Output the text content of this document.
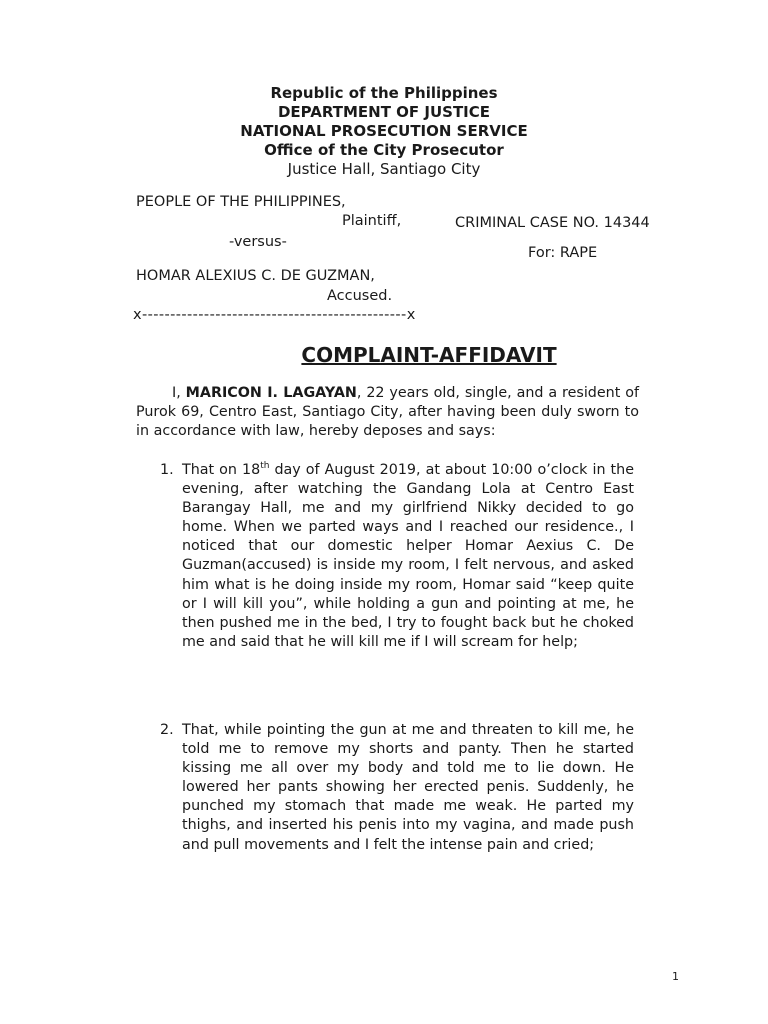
Republic of the Philippines
DEPARTMENT OF JUSTICE
NATIONAL PROSECUTION SERVICE
Office of the City Prosecutor
Justice Hall, Santiago City
PEOPLE OF THE PHILIPPINES,
Plaintiff,
-versus-
HOMAR ALEXIUS C. DE GUZMAN,
Accused.
x-----------------------------------------------x
CRIMINAL CASE NO. 14344
For: RAPE
COMPLAINT-AFFIDAVIT

I, MARICON I. LAGAYAN, 22 years old, single, and a resident of Purok 69, Centro East, Santiago City, after having been duly sworn to in accordance with law, hereby deposes and says:

1. That on 18th day of August 2019, at about 10:00 o’clock in the evening, after watching the Gandang Lola at Centro East Barangay Hall, me and my girlfriend Nikky decided to go home. When we parted ways and I reached our residence., I noticed that our domestic helper Homar Aexius C. De Guzman(accused) is inside my room, I felt nervous, and asked him what is he doing inside my room, Homar said “keep quite or I will kill you”, while holding a gun and pointing at me, he then pushed me in the bed, I try to fought back but he choked me and said that he will kill me if I will scream for help;

2. That, while pointing the gun at me and threaten to kill me, he told me to remove my shorts and panty. Then he started kissing me all over my body and told me to lie down. He lowered her pants showing her erected penis. Suddenly, he punched my stomach that made me weak. He parted my thighs, and inserted his penis into my vagina, and made push and pull movements and I felt the intense pain and cried;

1
